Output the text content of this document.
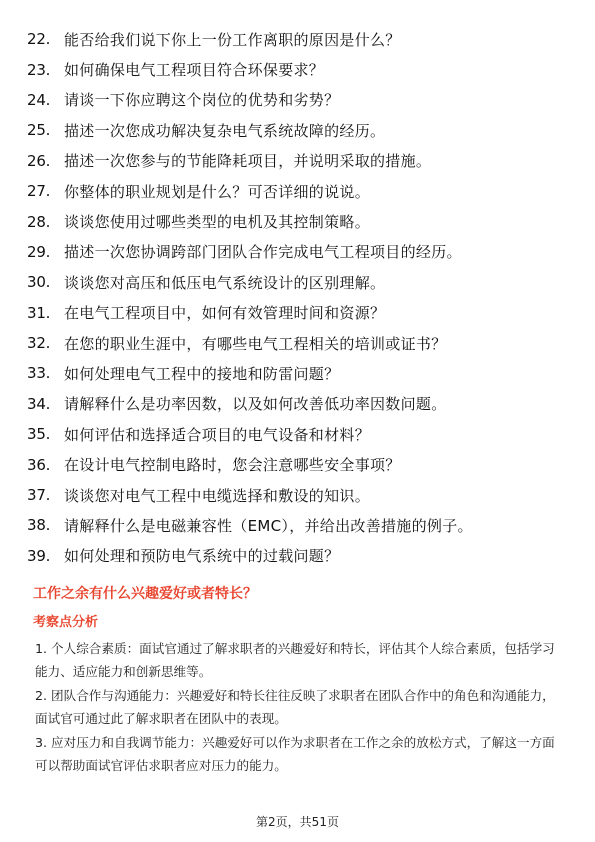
22. 能否给我们说下你上一份工作离职的原因是什么？
23. 如何确保电气工程项目符合环保要求？
24. 请谈一下你应聘这个岗位的优势和劣势？
25. 描述一次您成功解决复杂电气系统故障的经历。
26. 描述一次您参与的节能降耗项目，并说明采取的措施。
27. 你整体的职业规划是什么？可否详细的说说。
28. 谈谈您使用过哪些类型的电机及其控制策略。
29. 描述一次您协调跨部门团队合作完成电气工程项目的经历。
30. 谈谈您对高压和低压电气系统设计的区别理解。
31. 在电气工程项目中，如何有效管理时间和资源？
32. 在您的职业生涯中，有哪些电气工程相关的培训或证书？
33. 如何处理电气工程中的接地和防雷问题？
34. 请解释什么是功率因数，以及如何改善低功率因数问题。
35. 如何评估和选择适合项目的电气设备和材料？
36. 在设计电气控制电路时，您会注意哪些安全事项？
37. 谈谈您对电气工程中电缆选择和敷设的知识。
38. 请解释什么是电磁兼容性（EMC），并给出改善措施的例子。
39. 如何处理和预防电气系统中的过载问题？
工作之余有什么兴趣爱好或者特长？
考察点分析

1. 个人综合素质：面试官通过了解求职者的兴趣爱好和特长，评估其个人综合素质，包括学习能力、适应能力和创新思维等。

2. 团队合作与沟通能力：兴趣爱好和特长往往反映了求职者在团队合作中的角色和沟通能力，面试官可通过此了解求职者在团队中的表现。

3. 应对压力和自我调节能力：兴趣爱好可以作为求职者在工作之余的放松方式，了解这一方面可以帮助面试官评估求职者应对压力的能力。

第2页，共51页
